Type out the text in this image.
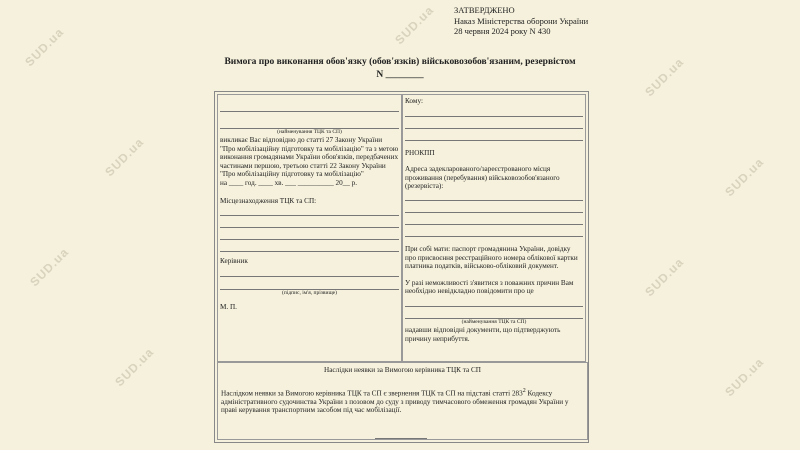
SUD.ua
SUD.ua
SUD.ua
SUD.ua
SUD.ua
SUD.ua
SUD.ua
SUD.ua
SUD.ua ЗАТВЕРДЖЕНО
Наказ Міністерства оборони України
28 червня 2024 року N 430
Вимога про виконання обов'язку (обов'язків) військовозобов'язаним, резервістом
N ________
(найменування ТЦК та СП)

викликає Вас відповідно до статті 27 Закону України "Про мобілізаційну підготовку та мобілізацію" та з метою виконання громадянами України обов'язків, передбачених частинами першою, третьою статті 22 Закону України "Про мобілізаційну підготовку та мобілізацію"

на ____ год. ____ хв. ___ __________ 20__ р.

Місцезнаходження ТЦК та СП:

Керівник

(підпис, ім'я, прізвище)

М. П.

Кому:

РНОКПП

Адреса задекларованого/зареєстрованого місця проживання (перебування) військовозобов'язаного (резервіста):

При собі мати: паспорт громадянина України, довідку про присвоєння реєстраційного номера облікової картки платника податків, військово-обліковий документ.

У разі неможливості з'явитися з поважних причин Вам необхідно невідкладно повідомити про це

(найменування ТЦК та СП)

надавши відповідні документи, що підтверджують причину неприбуття.

Наслідки неявки за Вимогою керівника ТЦК та СП

Наслідком неявки за Вимогою керівника ТЦК та СП є звернення ТЦК та СП на підставі статті $283^2$ Кодексу адміністративного судочинства України з позовом до суду з приводу тимчасового обмеження громадян України у праві керування транспортним засобом під час мобілізації.
